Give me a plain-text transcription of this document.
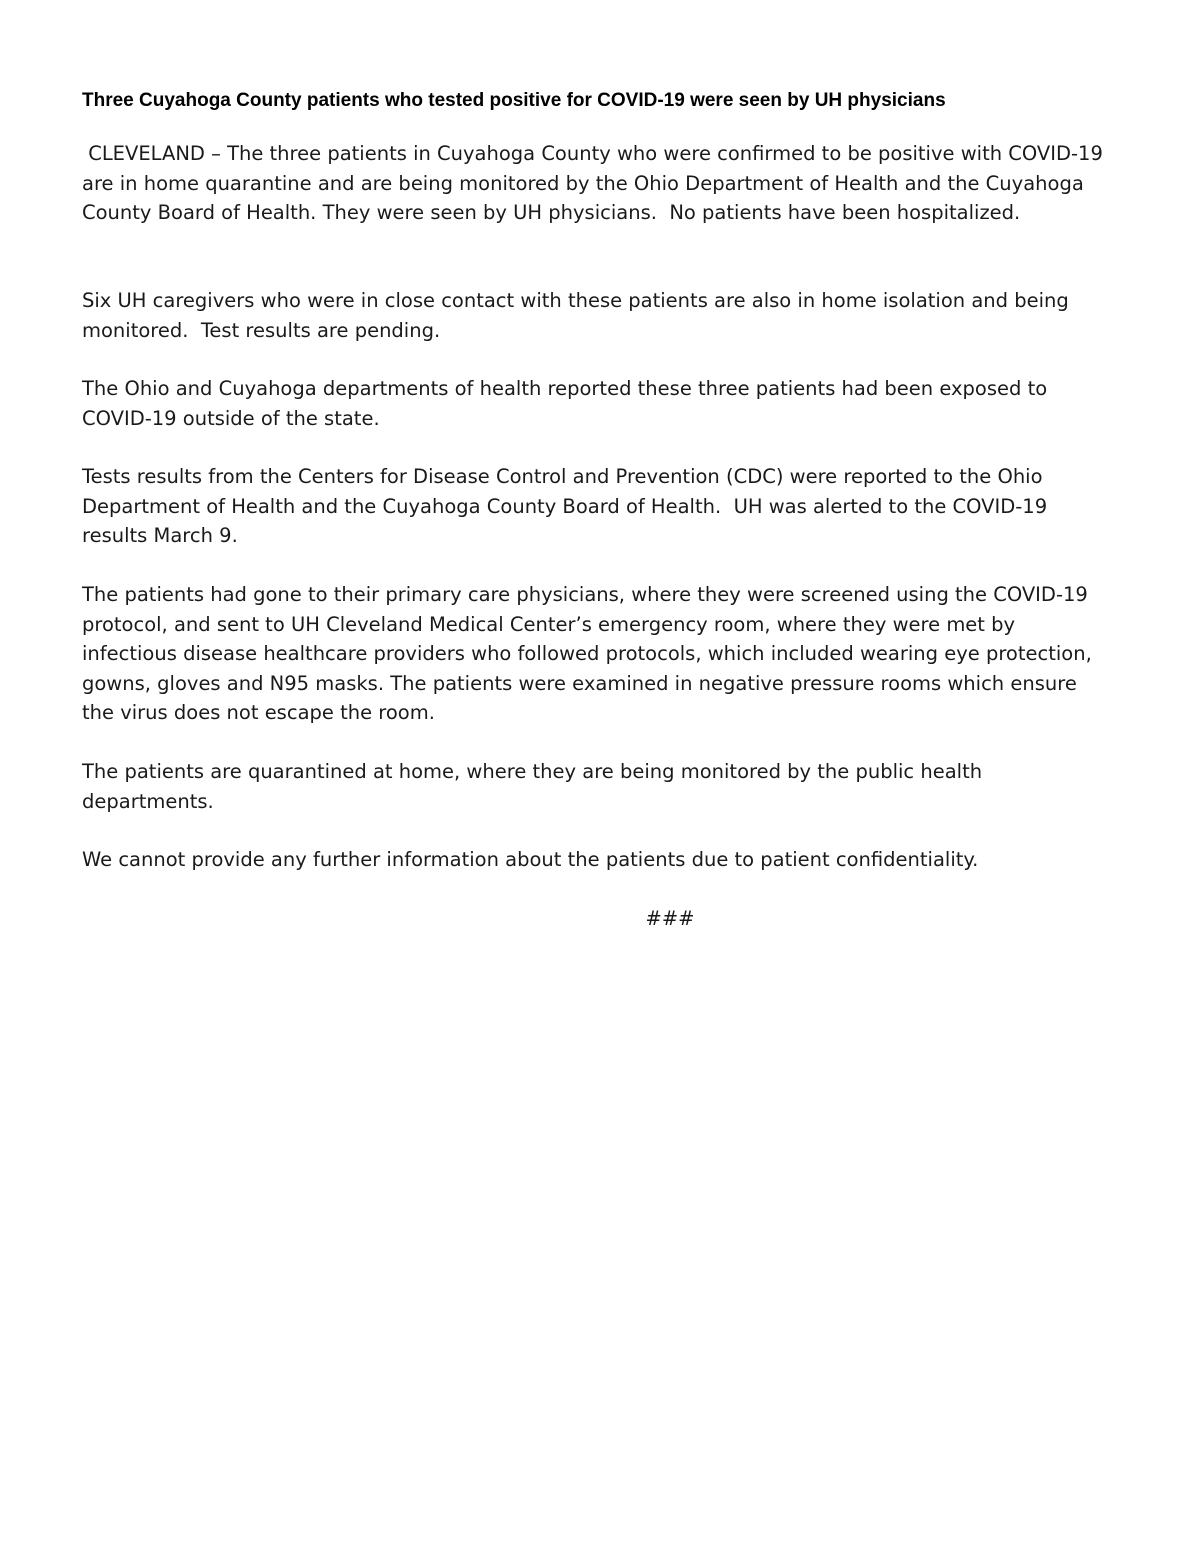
Three Cuyahoga County patients who tested positive for COVID-19 were seen by UH physicians

CLEVELAND – The three patients in Cuyahoga County who were confirmed to be positive with COVID-19 are in home quarantine and are being monitored by the Ohio Department of Health and the Cuyahoga County Board of Health. They were seen by UH physicians.  No patients have been hospitalized.

Six UH caregivers who were in close contact with these patients are also in home isolation and being monitored.  Test results are pending.

The Ohio and Cuyahoga departments of health reported these three patients had been exposed to COVID-19 outside of the state.

Tests results from the Centers for Disease Control and Prevention (CDC) were reported to the Ohio Department of Health and the Cuyahoga County Board of Health.  UH was alerted to the COVID-19 results March 9.

The patients had gone to their primary care physicians, where they were screened using the COVID-19 protocol, and sent to UH Cleveland Medical Center’s emergency room, where they were met by infectious disease healthcare providers who followed protocols, which included wearing eye protection, gowns, gloves and N95 masks. The patients were examined in negative pressure rooms which ensure the virus does not escape the room.

The patients are quarantined at home, where they are being monitored by the public health departments.

We cannot provide any further information about the patients due to patient confidentiality.

###
